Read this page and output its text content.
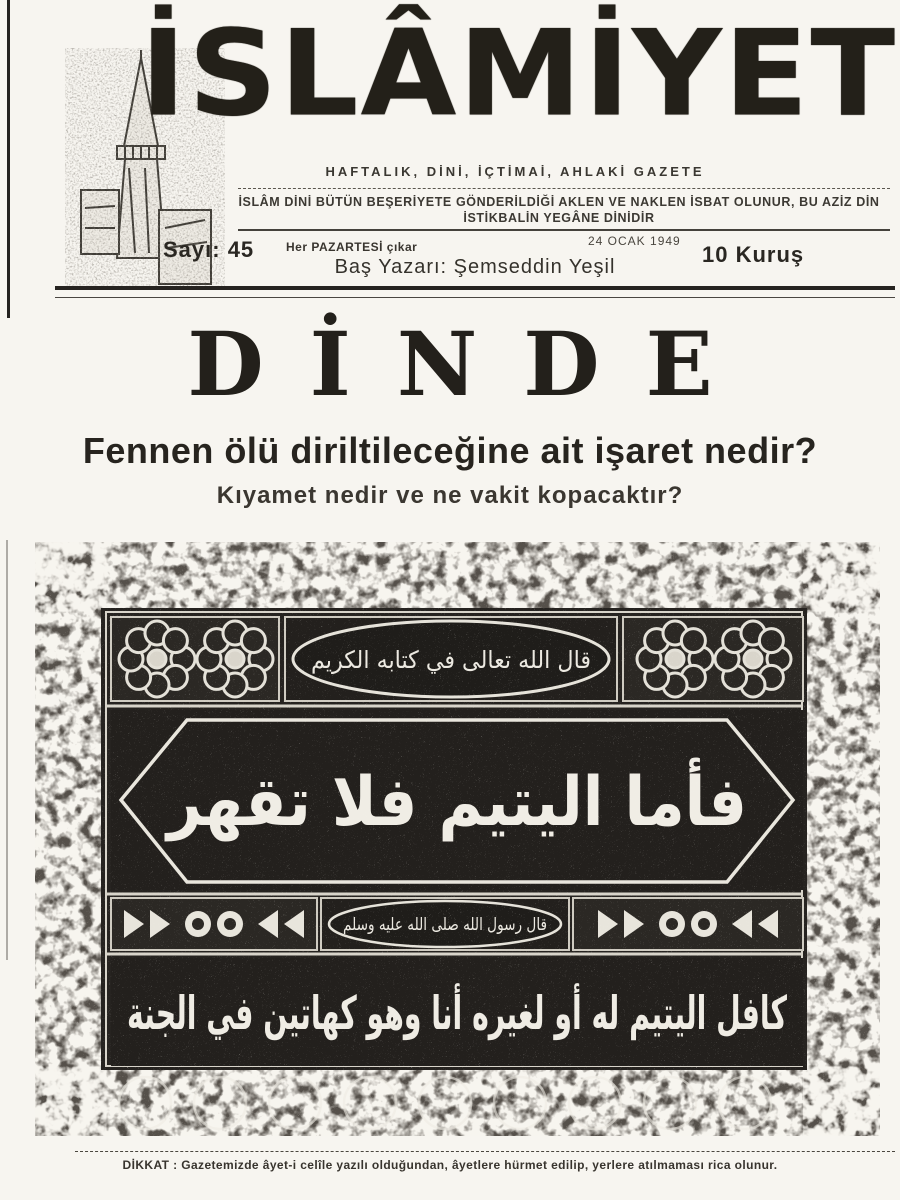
İSLÂMİYET
HAFTALIK, DİNİ, İÇTİMAİ, AHLAKİ GAZETE
İSLÂM DİNİ BÜTÜN BEŞERİYETE GÖNDERİLDİĞİ AKLEN VE NAKLEN İSBAT OLUNUR, BU AZİZ DİN
İSTİKBALİN YEGÂNE DİNİDİR
Sayı: 45	Her PAZARTESİ çıkar	24 OCAK 1949
10 Kuruş
Baş Yazarı: Şemseddin Yeşil
DİNDE
Fennen ölü diriltileceğine ait işaret nedir?
Kıyamet nedir ve ne vakit kopacaktır?
DİKKAT : Gazetemizde âyet-i celîle yazılı olduğundan, âyetlere hürmet edilip, yerlere atılmaması rica olunur.
